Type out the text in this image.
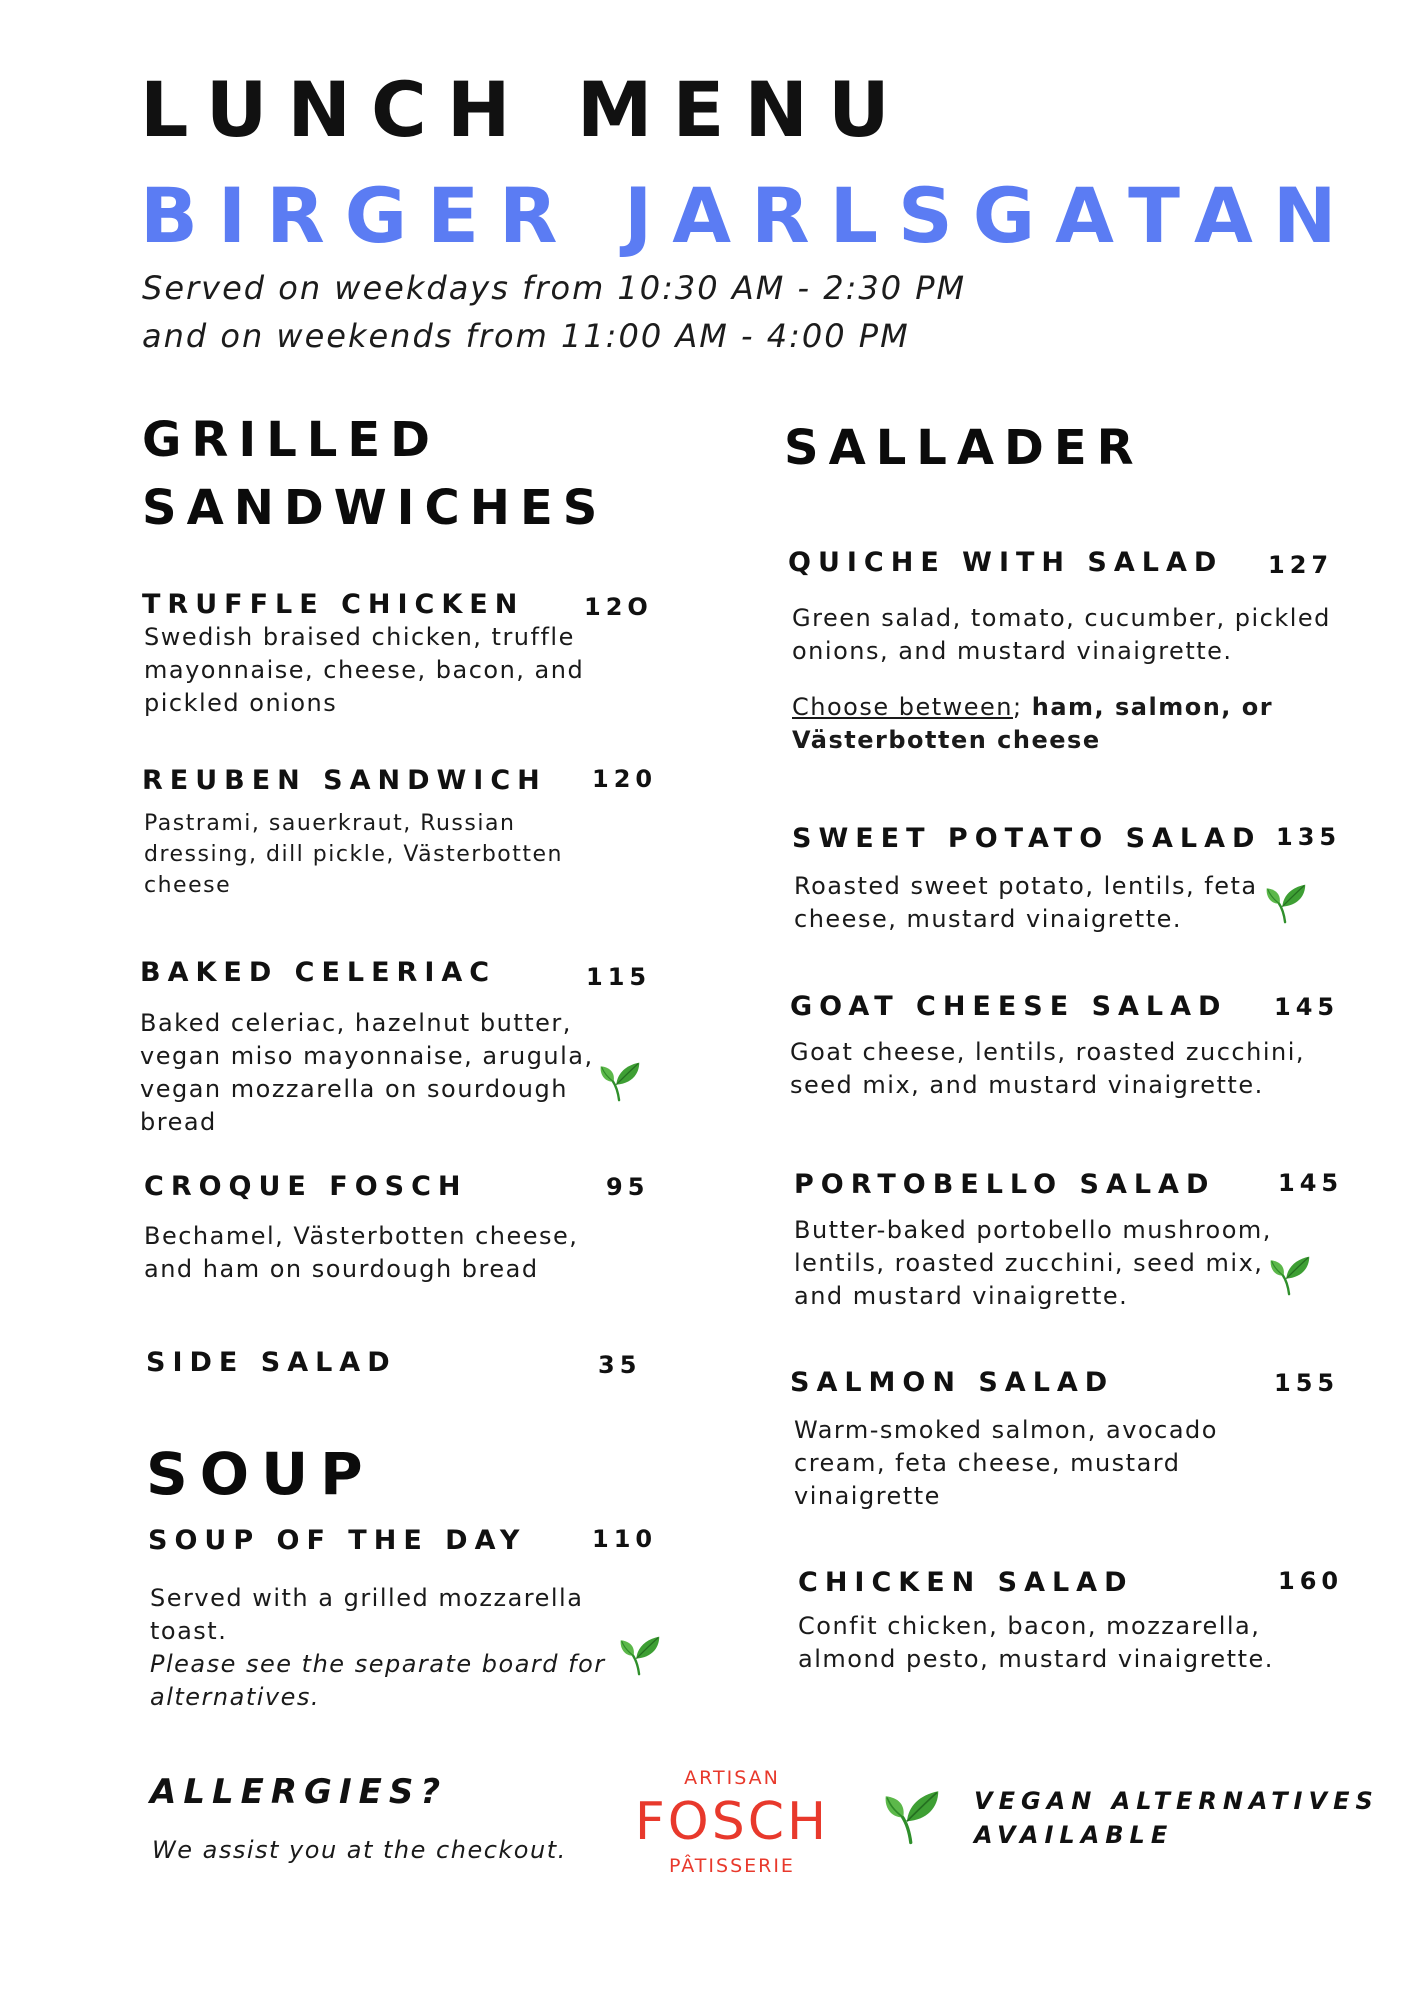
LUNCH MENU
BIRGER JARLSGATAN
Served on weekdays from 10:30 AM - 2:30 PM
and on weekends from 11:00 AM - 4:00 PM
GRILLED
SANDWICHES
TRUFFLE CHICKEN 12O
Swedish braised chicken, truffle
mayonnaise, cheese, bacon, and
pickled onions
REUBEN SANDWICH 120
Pastrami, sauerkraut, Russian
dressing, dill pickle, Västerbotten
cheese
BAKED CELERIAC	115
Baked celeriac, hazelnut butter,
vegan miso mayonnaise, arugula,
vegan mozzarella on sourdough
bread
CROQUE FOSCH	95
Bechamel, Västerbotten cheese,
and ham on sourdough bread
SIDE SALAD	35
SOUP
SOUP OF THE DAY	110
Served with a grilled mozzarella
toast.
Please see the separate board for
alternatives.
SALLADER
QUICHE WITH SALAD 127
Green salad, tomato, cucumber, pickled
onions, and mustard vinaigrette.
Choose between; ham, salmon, or
Västerbotten cheese
SWEET POTATO SALAD 135
Roasted sweet potato, lentils, feta
cheese, mustard vinaigrette.
GOAT CHEESE SALAD 145
Goat cheese, lentils, roasted zucchini,
seed mix, and mustard vinaigrette.
PORTOBELLO SALAD	145
Butter-baked portobello mushroom,
lentils, roasted zucchini, seed mix,
and mustard vinaigrette.
SALMON SALAD	155
Warm-smoked salmon, avocado
cream, feta cheese, mustard
vinaigrette
CHICKEN SALAD	160
Confit chicken, bacon, mozzarella,
almond pesto, mustard vinaigrette.
ALLERGIES?
We assist you at the checkout.
ARTISAN
FOSCH
PÂTISSERIE
VEGAN ALTERNATIVES
AVAILABLE
